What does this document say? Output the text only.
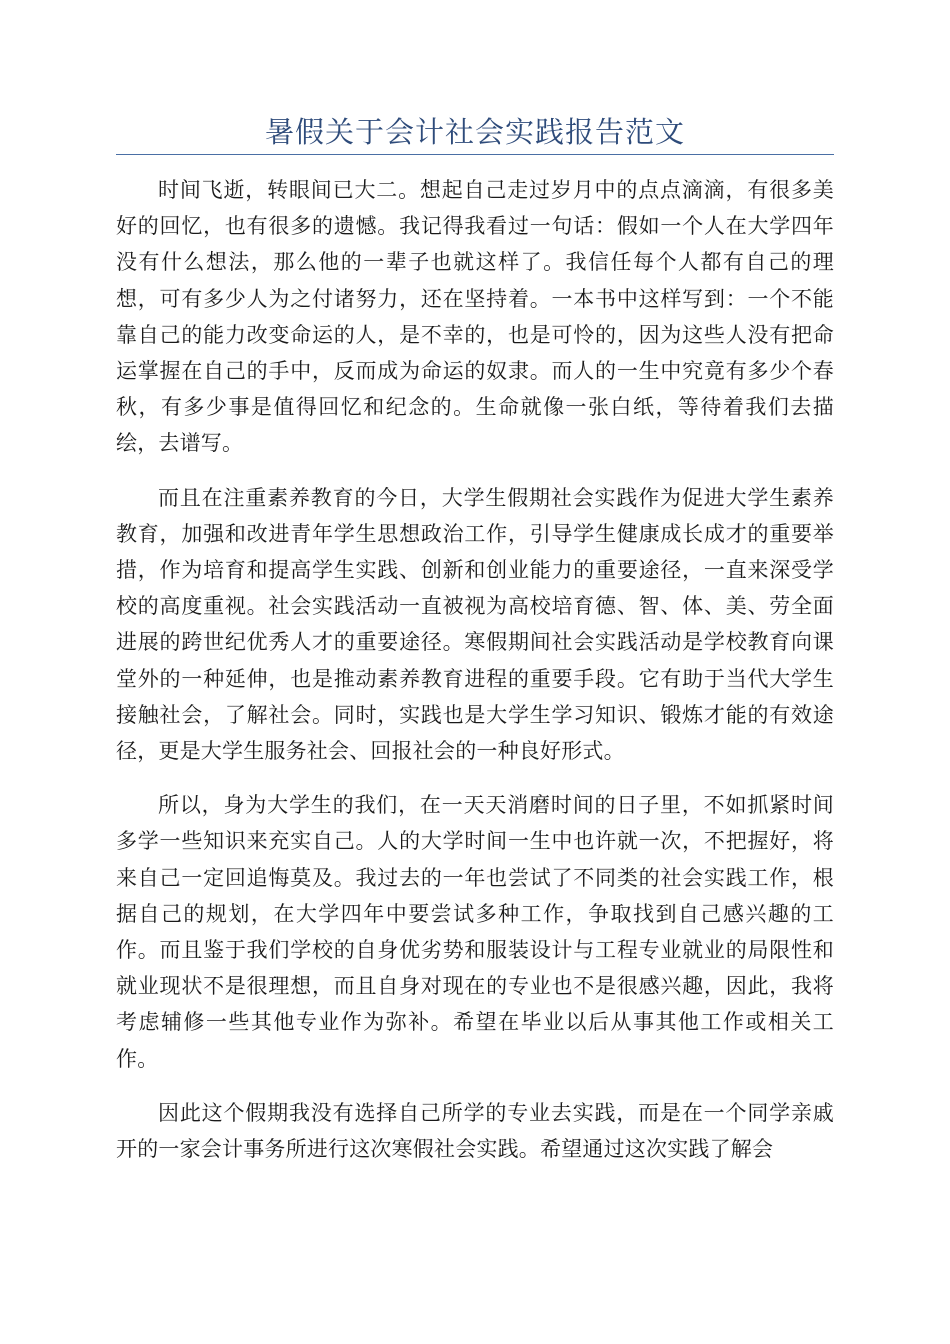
暑假关于会计社会实践报告范文

时间飞逝，转眼间已大二。想起自己走过岁月中的点点滴滴，有很多美好的回忆，也有很多的遗憾。我记得我看过一句话：假如一个人在大学四年没有什么想法，那么他的一辈子也就这样了。我信任每个人都有自己的理想，可有多少人为之付诸努力，还在坚持着。一本书中这样写到：一个不能靠自己的能力改变命运的人，是不幸的，也是可怜的，因为这些人没有把命运掌握在自己的手中，反而成为命运的奴隶。而人的一生中究竟有多少个春秋，有多少事是值得回忆和纪念的。生命就像一张白纸，等待着我们去描绘，去谱写。

而且在注重素养教育的今日，大学生假期社会实践作为促进大学生素养教育，加强和改进青年学生思想政治工作，引导学生健康成长成才的重要举措，作为培育和提高学生实践、创新和创业能力的重要途径，一直来深受学校的高度重视。社会实践活动一直被视为高校培育德、智、体、美、劳全面进展的跨世纪优秀人才的重要途径。寒假期间社会实践活动是学校教育向课堂外的一种延伸，也是推动素养教育进程的重要手段。它有助于当代大学生接触社会，了解社会。同时，实践也是大学生学习知识、锻炼才能的有效途径，更是大学生服务社会、回报社会的一种良好形式。

所以，身为大学生的我们，在一天天消磨时间的日子里，不如抓紧时间多学一些知识来充实自己。人的大学时间一生中也许就一次，不把握好，将来自己一定回追悔莫及。我过去的一年也尝试了不同类的社会实践工作，根据自己的规划，在大学四年中要尝试多种工作，争取找到自己感兴趣的工作。而且鉴于我们学校的自身优劣势和服装设计与工程专业就业的局限性和就业现状不是很理想，而且自身对现在的专业也不是很感兴趣，因此，我将考虑辅修一些其他专业作为弥补。希望在毕业以后从事其他工作或相关工作。

因此这个假期我没有选择自己所学的专业去实践，而是在一个同学亲戚开的一家会计事务所进行这次寒假社会实践。希望通过这次实践了解会
